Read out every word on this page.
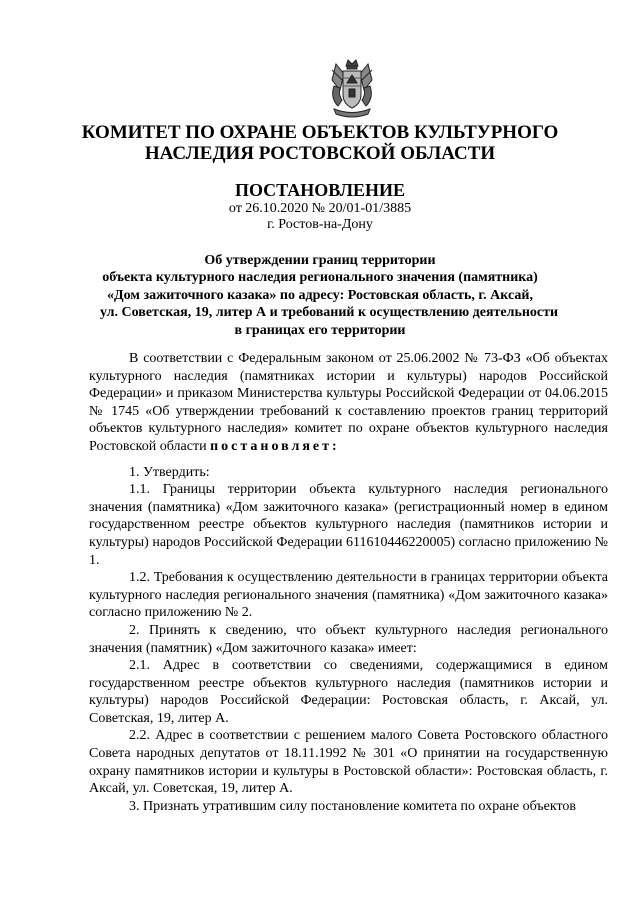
КОМИТЕТ ПО ОХРАНЕ ОБЪЕКТОВ КУЛЬТУРНОГО
НАСЛЕДИЯ РОСТОВСКОЙ ОБЛАСТИ
ПОСТАНОВЛЕНИЕ
от 26.10.2020 № 20/01-01/3885
г. Ростов-на-Дону
Об утверждении границ территории
объекта культурного наследия регионального значения (памятника)
«Дом зажиточного казака» по адресу: Ростовская область, г. Аксай,
ул. Советская, 19, литер А и требований к осуществлению деятельности
в границах его территории

В соответствии с Федеральным законом от 25.06.2002 № 73-ФЗ «Об объектах культурного наследия (памятниках истории и культуры) народов Российской Федерации» и приказом Министерства культуры Российской Федерации от 04.06.2015 № 1745 «Об утверждении требований к составлению проектов границ территорий объектов культурного наследия» комитет по охране объектов культурного наследия Ростовской области постановляет:

1. Утвердить:

1.1. Границы территории объекта культурного наследия регионального значения (памятника) «Дом зажиточного казака» (регистрационный номер в едином государственном реестре объектов культурного наследия (памятников истории и культуры) народов Российской Федерации 611610446220005) согласно приложению № 1.

1.2. Требования к осуществлению деятельности в границах территории объекта культурного наследия регионального значения (памятника) «Дом зажиточного казака» согласно приложению № 2.

2. Принять к сведению, что объект культурного наследия регионального значения (памятник) «Дом зажиточного казака» имеет:

2.1. Адрес в соответствии со сведениями, содержащимися в едином государственном реестре объектов культурного наследия (памятников истории и культуры) народов Российской Федерации: Ростовская область, г. Аксай, ул. Советская, 19, литер А.

2.2. Адрес в соответствии с решением малого Совета Ростовского областного Совета народных депутатов от 18.11.1992 № 301 «О принятии на государственную охрану памятников истории и культуры в Ростовской области»: Ростовская область, г. Аксай, ул. Советская, 19, литер А.

3. Признать утратившим силу постановление комитета по охране объектов
